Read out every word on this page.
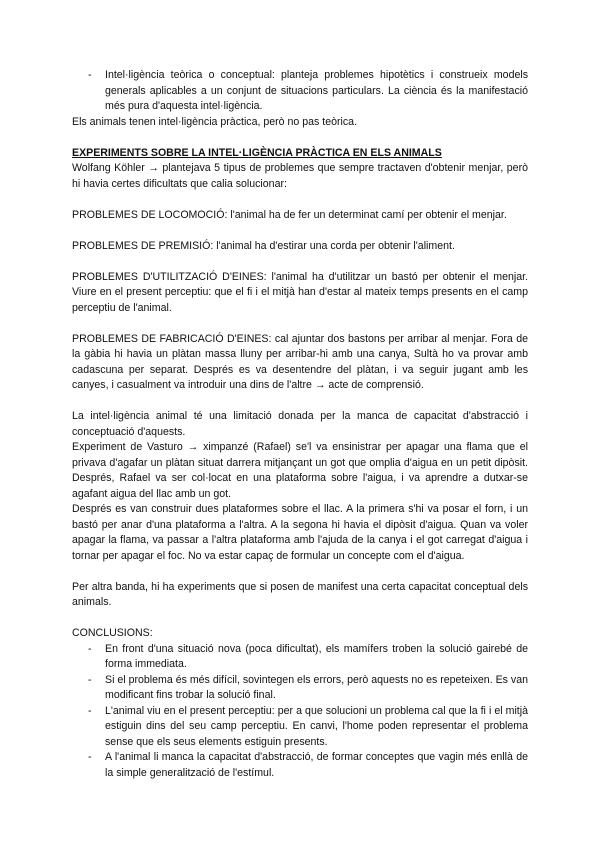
- Intel·ligència teòrica o conceptual: planteja problemes hipotètics i construeix models generals aplicables a un conjunt de situacions particulars. La ciència és la manifestació més pura d'aquesta intel·ligència.

Els animals tenen intel·ligència pràctica, però no pas teòrica.

EXPERIMENTS SOBRE LA INTEL·LIGÈNCIA PRÀCTICA EN ELS ANIMALS

Wolfang Köhler → plantejava 5 tipus de problemes que sempre tractaven d'obtenir menjar, però hi havia certes dificultats que calia solucionar:

PROBLEMES DE LOCOMOCIÓ: l'animal ha de fer un determinat camí per obtenir el menjar.

PROBLEMES DE PREMISIÓ: l'animal ha d'estirar una corda per obtenir l'aliment.

PROBLEMES D'UTILITZACIÓ D'EINES: l'animal ha d'utilitzar un bastó per obtenir el menjar. Viure en el present perceptiu: que el fi i el mitjà han d'estar al mateix temps presents en el camp perceptiu de l'animal.

PROBLEMES DE FABRICACIÓ D'EINES: cal ajuntar dos bastons per arribar al menjar. Fora de la gàbia hi havia un plàtan massa lluny per arribar-hi amb una canya, Sultà ho va provar amb cadascuna per separat. Després es va desentendre del plàtan, i va seguir jugant amb les canyes, i casualment va introduir una dins de l'altre → acte de comprensió.

La intel·ligència animal té una limitació donada per la manca de capacitat d'abstracció i conceptuació d'aquests.

Experiment de Vasturo → ximpanzé (Rafael) se'l va ensinistrar per apagar una flama que el privava d'agafar un plàtan situat darrera mitjançant un got que omplia d'aigua en un petit dipòsit. Després, Rafael va ser col·locat en una plataforma sobre l'aigua, i va aprendre a dutxar-se agafant aigua del llac amb un got.

Després es van construir dues plataformes sobre el llac. A la primera s'hi va posar el forn, i un bastó per anar d'una plataforma a l'altra. A la segona hi havia el dipòsit d'aigua. Quan va voler apagar la flama, va passar a l'altra plataforma amb l'ajuda de la canya i el got carregat d'aigua i tornar per apagar el foc. No va estar capaç de formular un concepte com el d'aigua.

Per altra banda, hi ha experiments que si posen de manifest una certa capacitat conceptual dels animals.

CONCLUSIONS:

- En front d'una situació nova (poca dificultat), els mamífers troben la solució gairebé de forma immediata.
- Si el problema és més difícil, sovintegen els errors, però aquests no es repeteixen. Es van modificant fins trobar la solució final.
- L'animal viu en el present perceptiu: per a que solucioni un problema cal que la fi i el mitjà estiguin dins del seu camp perceptiu. En canvi, l'home poden representar el problema sense que els seus elements estiguin presents.
- A l'animal li manca la capacitat d'abstracció, de formar conceptes que vagin més enllà de la simple generalització de l'estímul.
